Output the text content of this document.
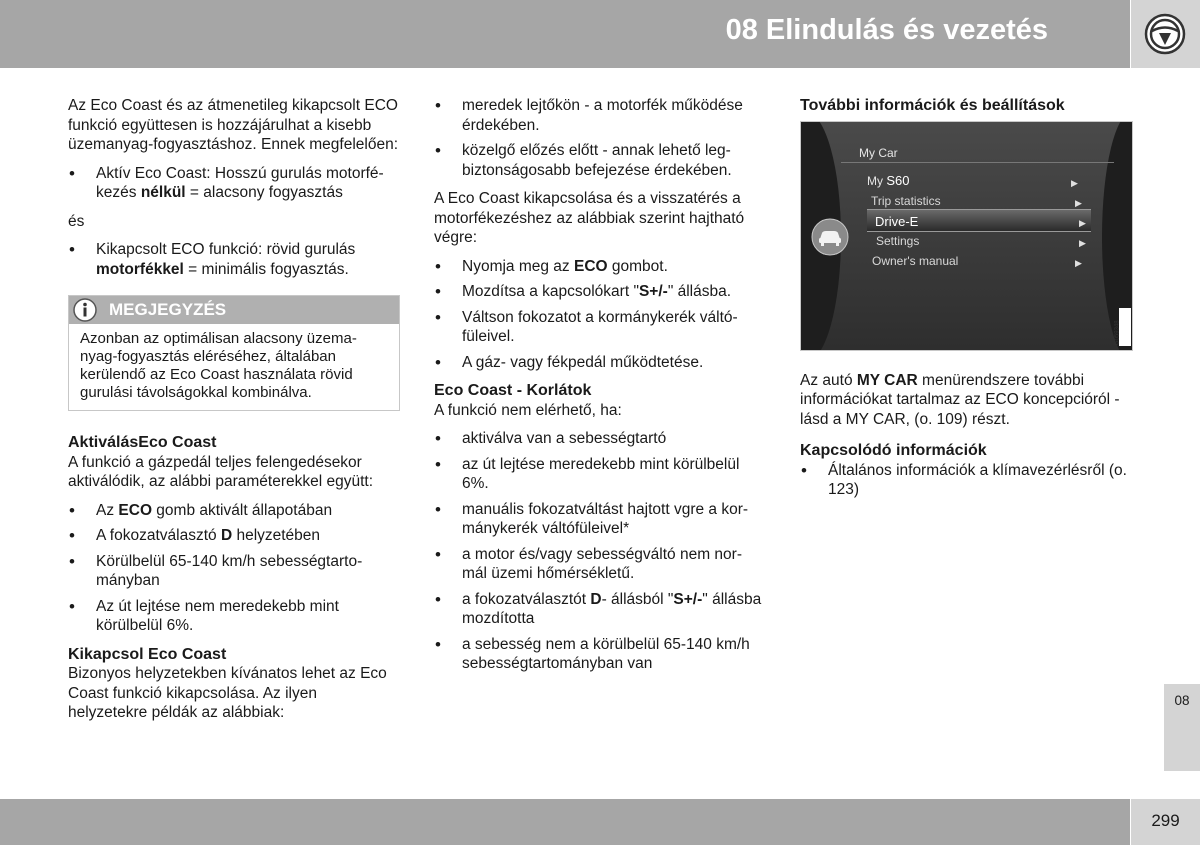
08 Elindulás és vezetés

Az Eco Coast és az átmenetileg kikapcsolt ECO funkció együttesen is hozzájárulhat a kisebb üzemanyag-fogyasztáshoz. Ennek megfelelően:

• Aktív Eco Coast: Hosszú gurulás motorfé-kezés nélkül = alacsony fogyasztás

és

• Kikapcsolt ECO funkció: rövid gurulás motorfékkel = minimális fogyasztás.
MEGJEGYZÉS
Azonban az optimálisan alacsony üzema-nyag-fogyasztás eléréséhez, általában kerülendő az Eco Coast használata rövid gurulási távolságokkal kombinálva.
AktiválásEco Coast

A funkció a gázpedál teljes felengedésekor aktiválódik, az alábbi paraméterekkel együtt:

• Az ECO gomb aktivált állapotában
• A fokozatválasztó D helyzetében
• Körülbelül 65-140 km/h sebességtarto-mányban
• Az út lejtése nem meredekebb mint körülbelül 6%.
Kikapcsol Eco Coast

Bizonyos helyzetekben kívánatos lehet az Eco Coast funkció kikapcsolása. Az ilyen helyzetekre példák az alábbiak:

• meredek lejtőkön - a motorfék működése érdekében.
• közelgő előzés előtt - annak lehető leg-biztonságosabb befejezése érdekében.

A Eco Coast kikapcsolása és a visszatérés a motorfékezéshez az alábbiak szerint hajtható végre:

• Nyomja meg az ECO gombot.
• Mozdítsa a kapcsolókart "S+/-" állásba.
• Váltson fokozatot a kormánykerék váltó-füleivel.
• A gáz- vagy fékpedál működtetése.
Eco Coast - Korlátok

A funkció nem elérhető, ha:

• aktiválva van a sebességtartó
• az út lejtése meredekebb mint körülbelül 6%.
• manuális fokozatváltást hajtott vgre a kor-mánykerék váltófüleivel*
• a motor és/vagy sebességváltó nem nor-mál üzemi hőmérsékletű.
• a fokozatválasztót D- állásból "S+/-" állásba mozdította
• a sebesség nem a körülbelül 65-140 km/h sebességtartományban van
További információk és beállítások
My Car
My S60	▶
Trip statistics	▶
Drive-E	▶
Settings	▶
Owner's manual	▶
G059348

Az autó MY CAR menürendszere további információkat tartalmaz az ECO koncepcióról - lásd a MY CAR, (o. 109) részt.

Kapcsolódó információk
• Általános információk a klímavezérlésről (o. 123)
08
299
